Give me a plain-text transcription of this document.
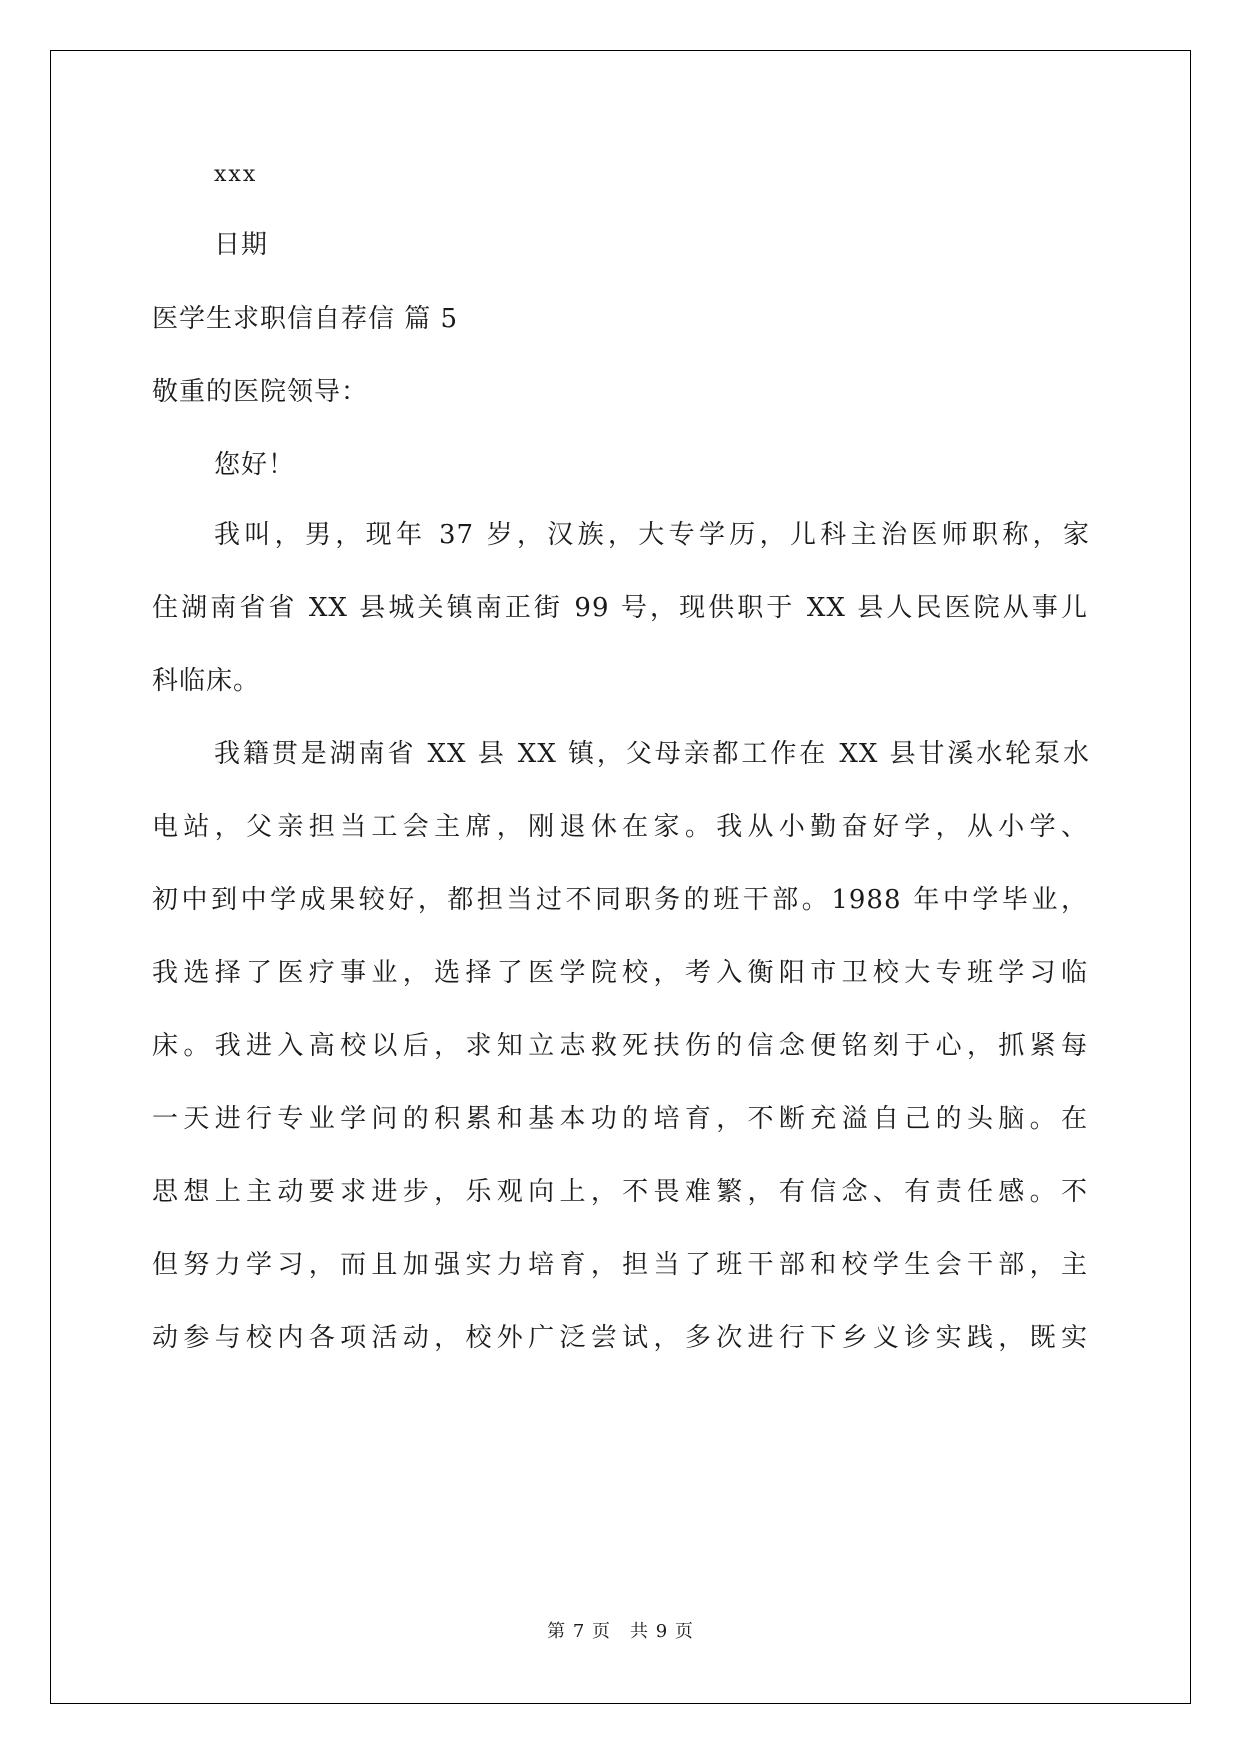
xxx
日期
医学生求职信自荐信 篇 5
敬重的医院领导：
您好！
我叫，男，现年 37 岁，汉族，大专学历，儿科主治医师职称，家
住湖南省省 XX 县城关镇南正街 99 号，现供职于 XX 县人民医院从事儿
科临床。
我籍贯是湖南省 XX 县 XX 镇，父母亲都工作在 XX 县甘溪水轮泵水
电站，父亲担当工会主席，刚退休在家。我从小勤奋好学，从小学、
初中到中学成果较好，都担当过不同职务的班干部。1988 年中学毕业，
我选择了医疗事业，选择了医学院校，考入衡阳市卫校大专班学习临
床。我进入高校以后，求知立志救死扶伤的信念便铭刻于心，抓紧每
一天进行专业学问的积累和基本功的培育，不断充溢自己的头脑。在
思想上主动要求进步，乐观向上，不畏难繁，有信念、有责任感。不
但努力学习，而且加强实力培育，担当了班干部和校学生会干部，主
动参与校内各项活动，校外广泛尝试，多次进行下乡义诊实践，既实
第 7 页　共 9 页
